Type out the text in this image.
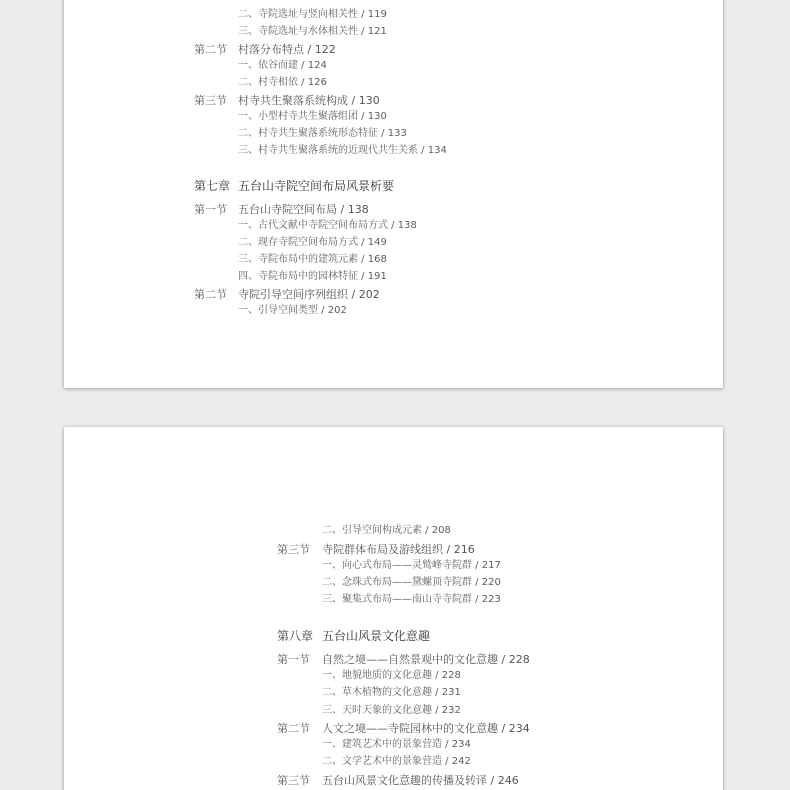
二、寺院选址与竖向相关性 / 119
三、寺院选址与水体相关性 / 121
第二节 村落分布特点 / 122
一、依谷而建 / 124
二、村寺相依 / 126
第三节 村寺共生聚落系统构成 / 130
一、小型村寺共生聚落组团 / 130
二、村寺共生聚落系统形态特征 / 133
三、村寺共生聚落系统的近现代共生关系 / 134
第七章 五台山寺院空间布局风景析要
第一节 五台山寺院空间布局 / 138
一、古代文献中寺院空间布局方式 / 138
二、现存寺院空间布局方式 / 149
三、寺院布局中的建筑元素 / 168
四、寺院布局中的园林特征 / 191
第二节 寺院引导空间序列组织 / 202
一、引导空间类型 / 202
二、引导空间构成元素 / 208
第三节 寺院群体布局及游线组织 / 216
一、向心式布局——灵鹫峰寺院群 / 217
二、念珠式布局——黛螺顶寺院群 / 220
三、聚集式布局——南山寺寺院群 / 223
第八章 五台山风景文化意趣
第一节 自然之境——自然景观中的文化意趣 / 228
一、地貌地质的文化意趣 / 228
二、草木植物的文化意趣 / 231
三、天时天象的文化意趣 / 232
第二节 人文之境——寺院园林中的文化意趣 / 234
一、建筑艺术中的景象营造 / 234
二、文学艺术中的景象营造 / 242
第三节 五台山风景文化意趣的传播及转译 / 246
